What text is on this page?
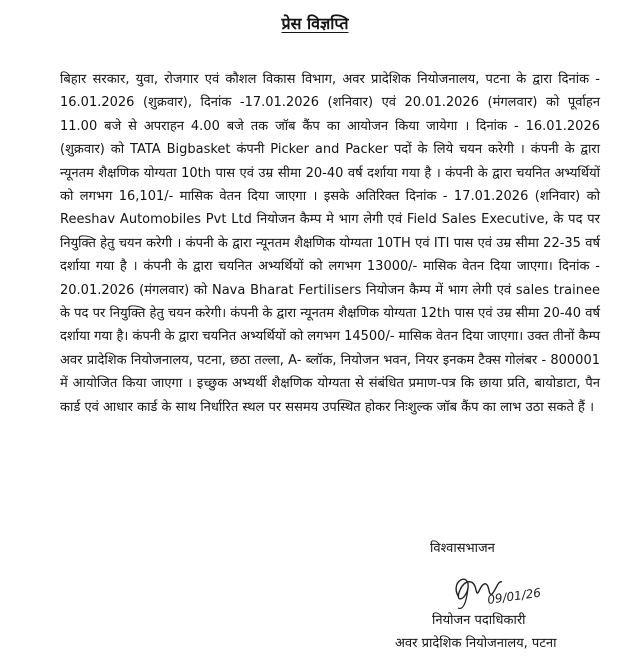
प्रेस विज्ञप्ति
बिहार सरकार, युवा, रोजगार एवं कौशल विकास विभाग, अवर प्रादेशिक नियोजनालय, पटना के द्वारा दिनांक - 16.01.2026 (शुक्रवार), दिनांक -17.01.2026 (शनिवार) एवं 20.01.2026 (मंगलवार) को पूर्वाहन 11.00 बजे से अपराहन 4.00 बजे तक जॉब कैंप का आयोजन किया जायेगा । दिनांक - 16.01.2026 (शुक्रवार) को TATA Bigbasket कंपनी Picker and Packer पदों के लिये चयन करेगी । कंपनी के द्वारा न्यूनतम शैक्षणिक योग्यता 10th पास एवं उम्र सीमा 20-40 वर्ष दर्शाया गया है । कंपनी के द्वारा चयनित अभ्यर्थियों को लगभग 16,101/- मासिक वेतन दिया जाएगा । इसके अतिरिक्त दिनांक - 17.01.2026 (शनिवार) को Reeshav Automobiles Pvt Ltd नियोजन कैम्प मे भाग लेगी एवं Field Sales Executive, के पद पर नियुक्ति हेतु चयन करेगी । कंपनी के द्वारा न्यूनतम शैक्षणिक योग्यता 10TH एवं ITI पास एवं उम्र सीमा 22-35 वर्ष दर्शाया गया है । कंपनी के द्वारा चयनित अभ्यर्थियों को लगभग 13000/- मासिक वेतन दिया जाएगा। दिनांक - 20.01.2026 (मंगलवार) को Nava Bharat Fertilisers नियोजन कैम्प में भाग लेगी एवं sales trainee के पद पर नियुक्ति हेतु चयन करेगी। कंपनी के द्वारा न्यूनतम शैक्षणिक योग्यता 12th पास एवं उम्र सीमा 20-40 वर्ष दर्शाया गया है। कंपनी के द्वारा चयनित अभ्यर्थियों को लगभग 14500/- मासिक वेतन दिया जाएगा। उक्त तीनों कैम्प अवर प्रादेशिक नियोजनालय, पटना, छठा तल्ला, A- ब्लॉक, नियोजन भवन, नियर इनकम टैक्स गोलंबर - 800001 में आयोजित किया जाएगा । इच्छुक अभ्यर्थी शैक्षणिक योग्यता से संबंधित प्रमाण-पत्र कि छाया प्रति, बायोडाटा, पैन कार्ड एवं आधार कार्ड के साथ निर्धारित स्थल पर ससमय उपस्थित होकर निःशुल्क जॉब कैंप का लाभ उठा सकते हैं ।
विश्वासभाजन
09/01/26
नियोजन पदाधिकारी
अवर प्रादेशिक नियोजनालय, पटना
